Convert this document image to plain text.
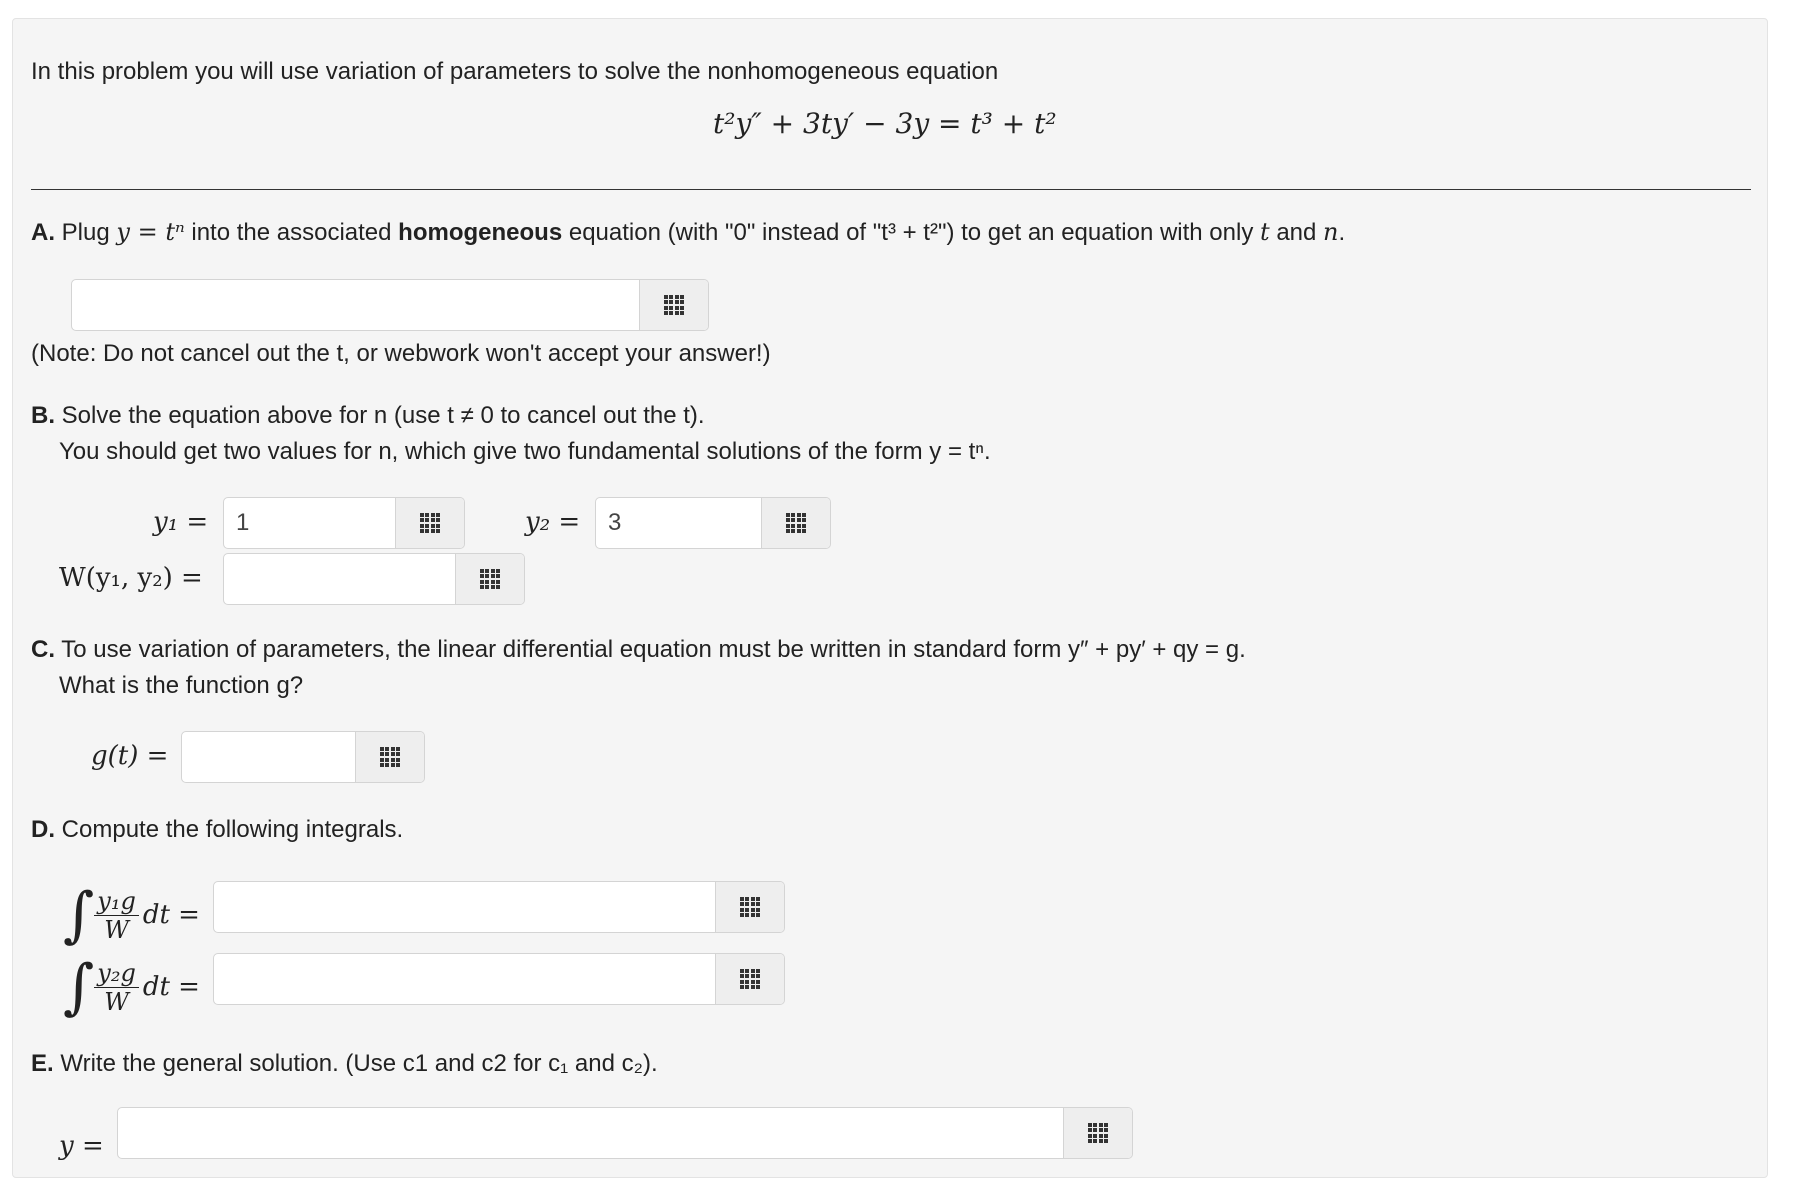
In this problem you will use variation of parameters to solve the nonhomogeneous equation
t²y″ + 3ty′ − 3y = t³ + t²
A. Plug y = tⁿ into the associated homogeneous equation (with "0" instead of "t³ + t²") to get an equation with only t and n.
(Note: Do not cancel out the t, or webwork won't accept your answer!)
B. Solve the equation above for n (use t ≠ 0 to cancel out the t).
You should get two values for n, which give two fundamental solutions of the form y = tⁿ.
y₁ =
1	y₂ =
3
W(y₁, y₂) =
C. To use variation of parameters, the linear differential equation must be written in standard form y″ + py′ + qy = g.
What is the function g?
g(t) =
D. Compute the following integrals.
∫ $\frac{\text{y₁g}}{W}$ dt =
∫ $\frac{\text{y₂g}}{W}$ dt =
E. Write the general solution. (Use c1 and c2 for c₁ and c₂).
y =
